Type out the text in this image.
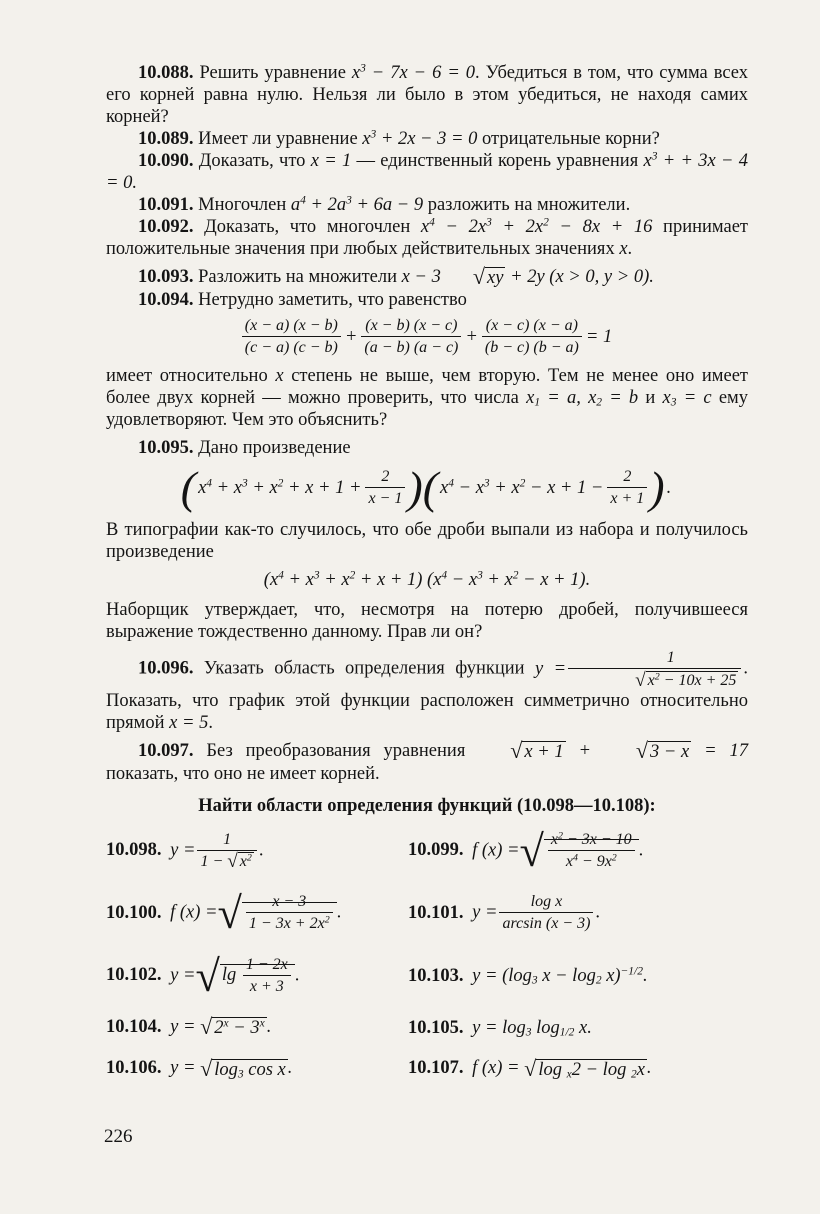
10.088. Решить уравнение $x^3 - 7x - 6 = 0$. Убедиться в том, что сумма всех его корней равна нулю. Нельзя ли было в этом убедиться, не находя самих корней?

10.089. Имеет ли уравнение $x^3 + 2x - 3 = 0$ отрицательные корни?

10.090. Доказать, что x = 1 — единственный корень уравнения $x^3$ + + 3x − 4 = 0.

10.091. Многочлен $a^4 + 2a^3 + 6a - 9$ разложить на множители.

10.092. Доказать, что многочлен $x^4 - 2x^3 + 2x^2 - 8x + 16$ принимает положительные значения при любых действительных значениях x.

10.093. Разложить на множители x − 3 √ xy + 2y (x > 0, y > 0).

10.094. Нетрудно заметить, что равенство

$\frac{(x - a) (x - b)}{(c - a) (c - b)} + \frac{(x - b) (x - c)}{(a - b) (a - c)} + \frac{(x - c) (x - a)}{(b - c) (b - a)} = 1$

имеет относительно x степень не выше, чем вторую. Тем не менее оно имеет более двух корней — можно проверить, что числа $x_1 = a$, $x_2 = b$ и $x_3 = c$ ему удовлетворяют. Чем это объяснить?

10.095. Дано произведение

( $x^4 + x^3 + x^2 + x + 1 + \frac{2}{x - 1}$ )( $x^4 - x^3 + x^2 - x + 1 - \frac{2}{x + 1}$ ) .

В типографии как-то случилось, что обе дроби выпали из набора и получилось произведение

$(x^4 + x^3 + x^2 + x + 1) (x^4 - x^3 + x^2 - x + 1)$.

Наборщик утверждает, что, несмотря на потерю дробей, получившееся выражение тождественно данному. Прав ли он?

10.096. Указать область определения функции $y = \frac{1}{√ x^2 - 10x + 25}$ . Показать, что график этой функции расположен симметрично относительно прямой x = 5.

10.097. Без преобразования уравнения √ x + 1 + √ 3 − x = 17 показать, что оно не имеет корней.

Найти области определения функций (10.098—10.108):
10.098. $y = \frac{1}{1 - √ x^2}$ .	10.099. f (x) =√ $\frac{x^2 - 3x - 10}{x^4 - 9x^2}$ .
10.100. f (x) =√ $\frac{x - 3}{1 - 3x + 2x^2}$ .	10.101. $y = \frac{\text{log x}}{\arcsin (x - 3)}$ .
10.102. y =√ $\lg \frac{1 - 2x}{x + 3}$ .	10.103. $y = (\log_3$ $x - \log_2 x)^{-1/2}$.
10.104. y = √ $2^x - 3^x$ .	10.105. $y = \log_3 \log_{1/2} x$.
10.106. y = √ $\log_3 \cos x$ .	10.107. f (x) = √ log $_x$2 − log $_2$x .
226
